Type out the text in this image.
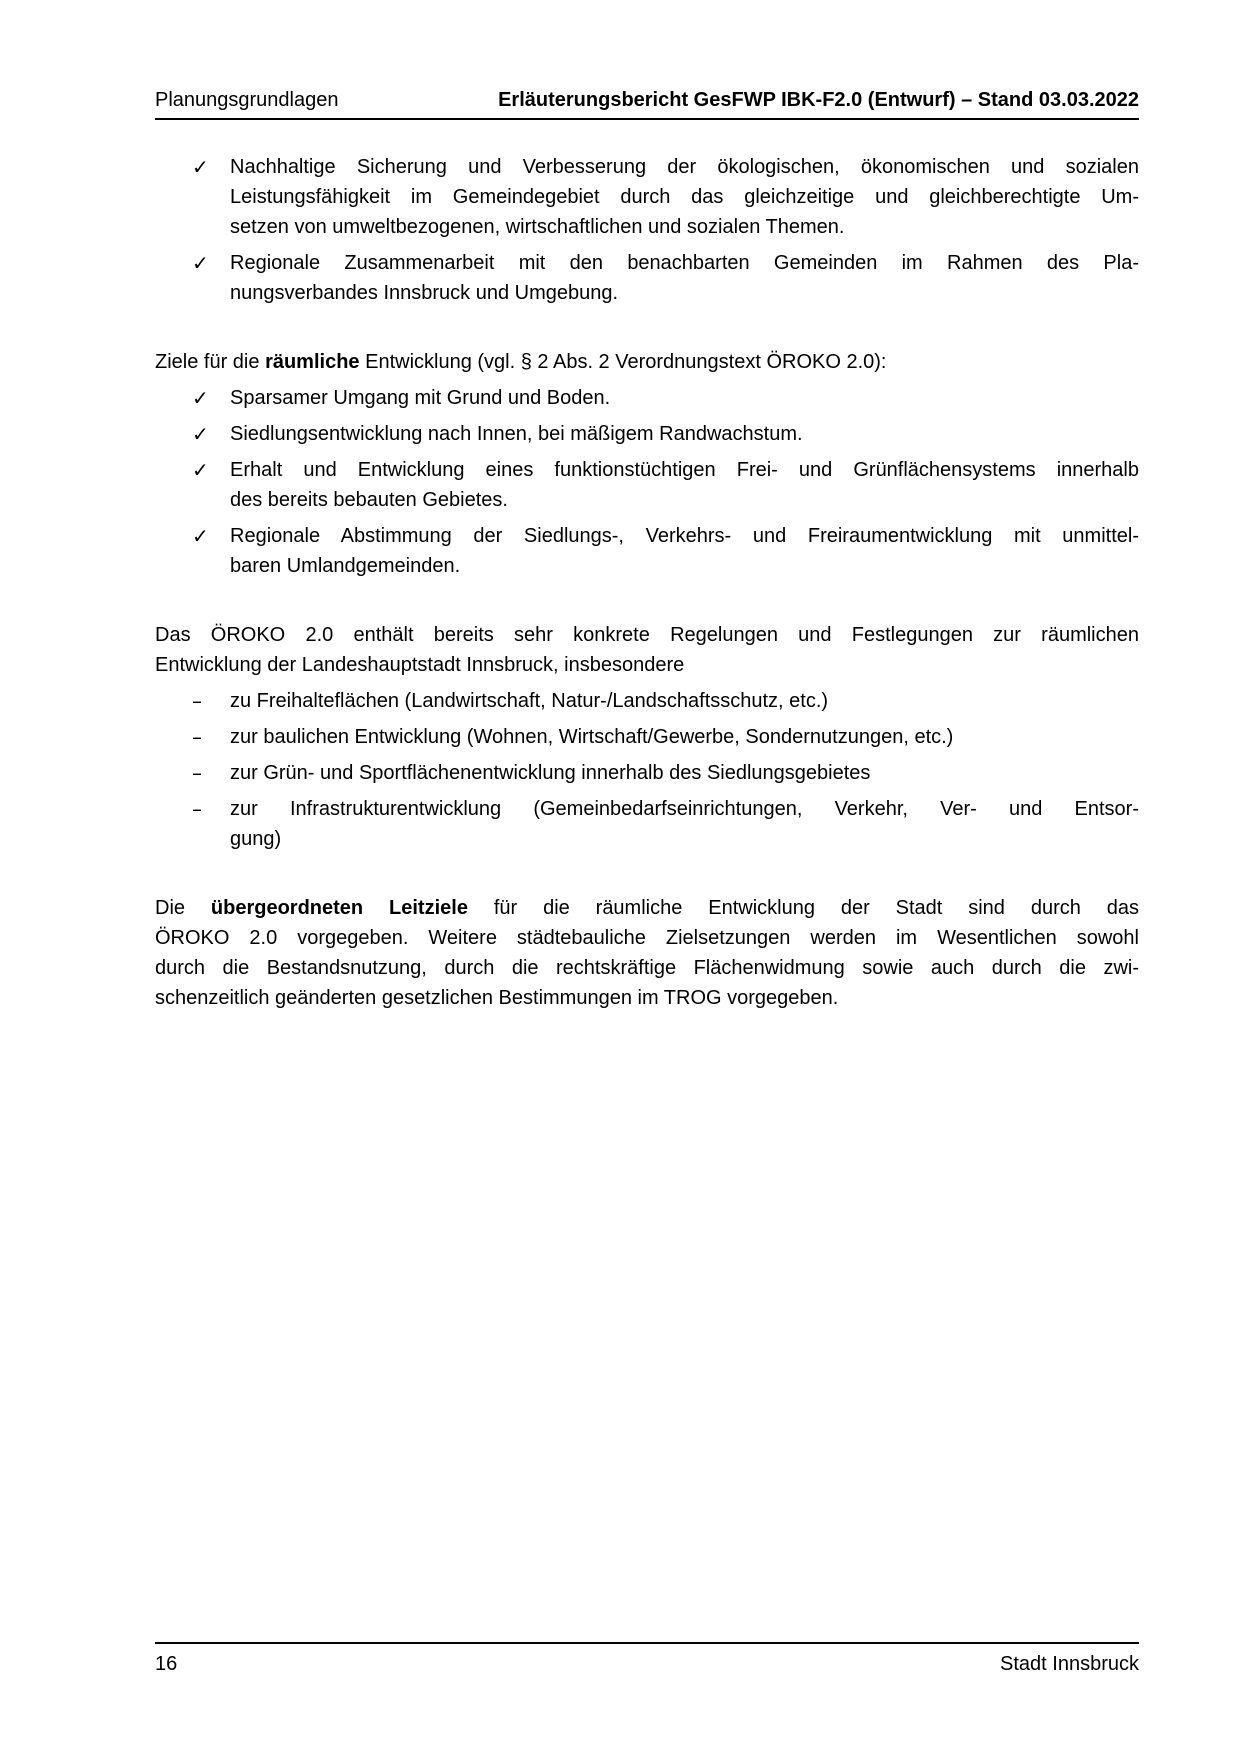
Planungsgrundlagen	Erläuterungsbericht GesFWP IBK-F2.0 (Entwurf) – Stand 03.03.2022
✓ Nachhaltige Sicherung und Verbesserung der ökologischen, ökonomischen und sozialen
Leistungsfähigkeit im Gemeindegebiet durch das gleichzeitige und gleichberechtigte Um-
setzen von umweltbezogenen, wirtschaftlichen und sozialen Themen.
✓ Regionale Zusammenarbeit mit den benachbarten Gemeinden im Rahmen des Pla-
nungsverbandes Innsbruck und Umgebung.
Ziele für die räumliche Entwicklung (vgl. § 2 Abs. 2 Verordnungstext ÖROKO 2.0):
✓ Sparsamer Umgang mit Grund und Boden.
✓ Siedlungsentwicklung nach Innen, bei mäßigem Randwachstum.
✓ Erhalt und Entwicklung eines funktionstüchtigen Frei- und Grünflächensystems innerhalb
des bereits bebauten Gebietes.
✓ Regionale Abstimmung der Siedlungs-, Verkehrs- und Freiraumentwicklung mit unmittel-
baren Umlandgemeinden.
Das ÖROKO 2.0 enthält bereits sehr konkrete Regelungen und Festlegungen zur räumlichen
Entwicklung der Landeshauptstadt Innsbruck, insbesondere
– zu Freihalteflächen (Landwirtschaft, Natur-/Landschaftsschutz, etc.)
– zur baulichen Entwicklung (Wohnen, Wirtschaft/Gewerbe, Sondernutzungen, etc.)
– zur Grün- und Sportflächenentwicklung innerhalb des Siedlungsgebietes
– zur Infrastrukturentwicklung (Gemeinbedarfseinrichtungen, Verkehr, Ver- und Entsor-
gung)
Die übergeordneten Leitziele für die räumliche Entwicklung der Stadt sind durch das
ÖROKO 2.0 vorgegeben. Weitere städtebauliche Zielsetzungen werden im Wesentlichen sowohl
durch die Bestandsnutzung, durch die rechtskräftige Flächenwidmung sowie auch durch die zwi-
schenzeitlich geänderten gesetzlichen Bestimmungen im TROG vorgegeben.
16	Stadt Innsbruck
